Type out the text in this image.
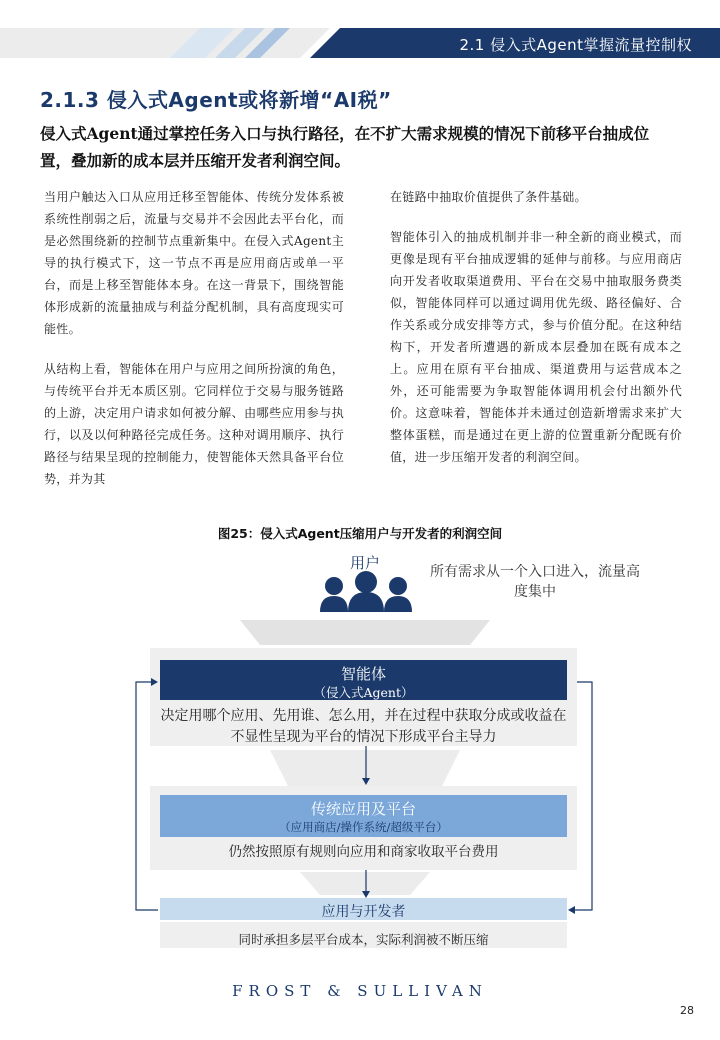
2.1 侵入式Agent掌握流量控制权
2.1.3 侵入式Agent或将新增“AI税”
侵入式Agent通过掌控任务入口与执行路径，在不扩大需求规模的情况下前移平台抽成位置，叠加新的成本层并压缩开发者利润空间。

当用户触达入口从应用迁移至智能体、传统分发体系被系统性削弱之后，流量与交易并不会因此去平台化，而是必然围绕新的控制节点重新集中。在侵入式Agent主导的执行模式下，这一节点不再是应用商店或单一平台，而是上移至智能体本身。在这一背景下，围绕智能体形成新的流量抽成与利益分配机制，具有高度现实可能性。

从结构上看，智能体在用户与应用之间所扮演的角色，与传统平台并无本质区别。它同样位于交易与服务链路的上游，决定用户请求如何被分解、由哪些应用参与执行，以及以何种路径完成任务。这种对调用顺序、执行路径与结果呈现的控制能力，使智能体天然具备平台位势，并为其

在链路中抽取价值提供了条件基础。

智能体引入的抽成机制并非一种全新的商业模式，而更像是现有平台抽成逻辑的延伸与前移。与应用商店向开发者收取渠道费用、平台在交易中抽取服务费类似，智能体同样可以通过调用优先级、路径偏好、合作关系或分成安排等方式，参与价值分配。在这种结构下，开发者所遭遇的新成本层叠加在既有成本之上。应用在原有平台抽成、渠道费用与运营成本之外，还可能需要为争取智能体调用机会付出额外代价。这意味着，智能体并未通过创造新增需求来扩大整体蛋糕，而是通过在更上游的位置重新分配既有价值，进一步压缩开发者的利润空间。

图25：侵入式Agent压缩用户与开发者的利润空间
用户	所有需求从一个入口进入，流量高度集中
智能体
（侵入式Agent）
决定用哪个应用、先用谁、怎么用，并在过程中获取分成或收益在不显性呈现为平台的情况下形成平台主导力
传统应用及平台
（应用商店/操作系统/超级平台）
仍然按照原有规则向应用和商家收取平台费用
应用与开发者
同时承担多层平台成本，实际利润被不断压缩
FROST & SULLIVAN
28
